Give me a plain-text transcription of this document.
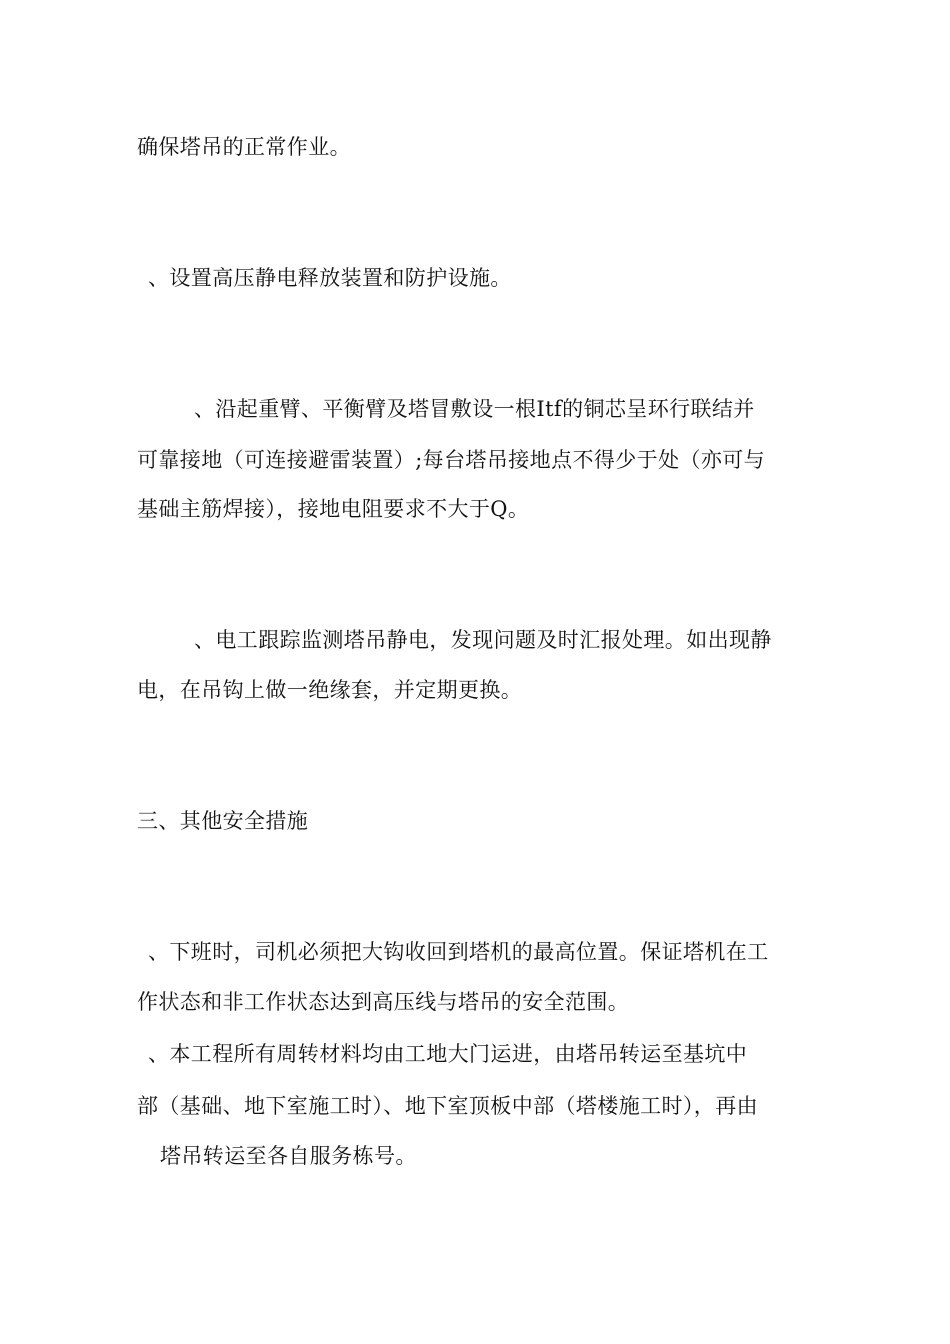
确保塔吊的正常作业。
、设置高压静电释放装置和防护设施。
、沿起重臂、平衡臂及塔冒敷设一根Itf的铜芯呈环行联结并
可靠接地（可连接避雷装置）;每台塔吊接地点不得少于处（亦可与
基础主筋焊接），接地电阻要求不大于Q。
、电工跟踪监测塔吊静电，发现问题及时汇报处理。如出现静
电，在吊钩上做一绝缘套，并定期更换。
三、其他安全措施
、下班时，司机必须把大钩收回到塔机的最高位置。保证塔机在工
作状态和非工作状态达到高压线与塔吊的安全范围。
、本工程所有周转材料均由工地大门运进，由塔吊转运至基坑中
部（基础、地下室施工时）、地下室顶板中部（塔楼施工时），再由
塔吊转运至各自服务栋号。
